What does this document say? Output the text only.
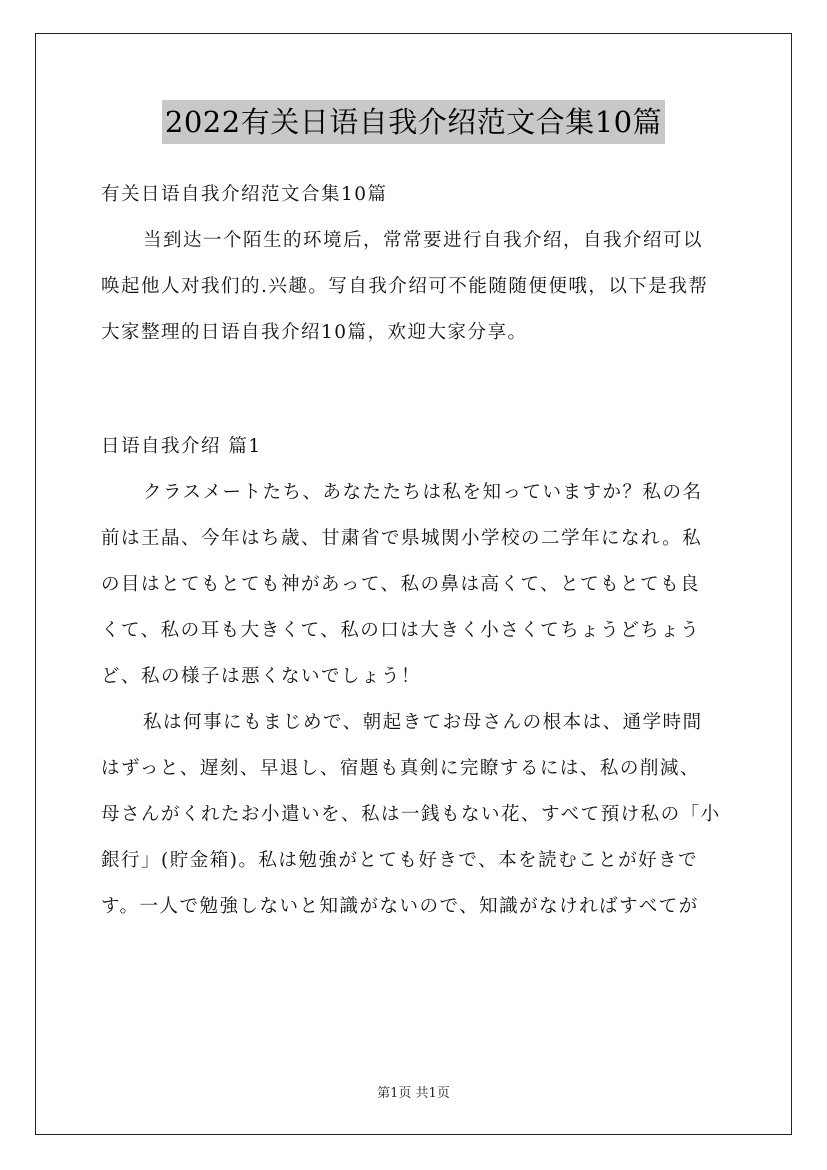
2022有关日语自我介绍范文合集10篇
有关日语自我介绍范文合集10篇
当到达一个陌生的环境后，常常要进行自我介绍，自我介绍可以
唤起他人对我们的.兴趣。写自我介绍可不能随随便便哦，以下是我帮
大家整理的日语自我介绍10篇，欢迎大家分享。
日语自我介绍 篇1
クラスメートたち、あなたたちは私を知っていますか？私の名
前は王晶、今年はち歳、甘粛省で県城関小学校の二学年になれ。私
の目はとてもとても神があって、私の鼻は高くて、とてもとても良
くて、私の耳も大きくて、私の口は大きく小さくてちょうどちょう
ど、私の様子は悪くないでしょう！
私は何事にもまじめで、朝起きてお母さんの根本は、通学時間
はずっと、遅刻、早退し、宿題も真剣に完瞭するには、私の削減、
母さんがくれたお小遣いを、私は一銭もない花、すべて預け私の「小
銀行」(貯金箱)。私は勉強がとても好きで、本を読むことが好きで
す。一人で勉強しないと知識がないので、知識がなければすべてが
第1页 共1页
